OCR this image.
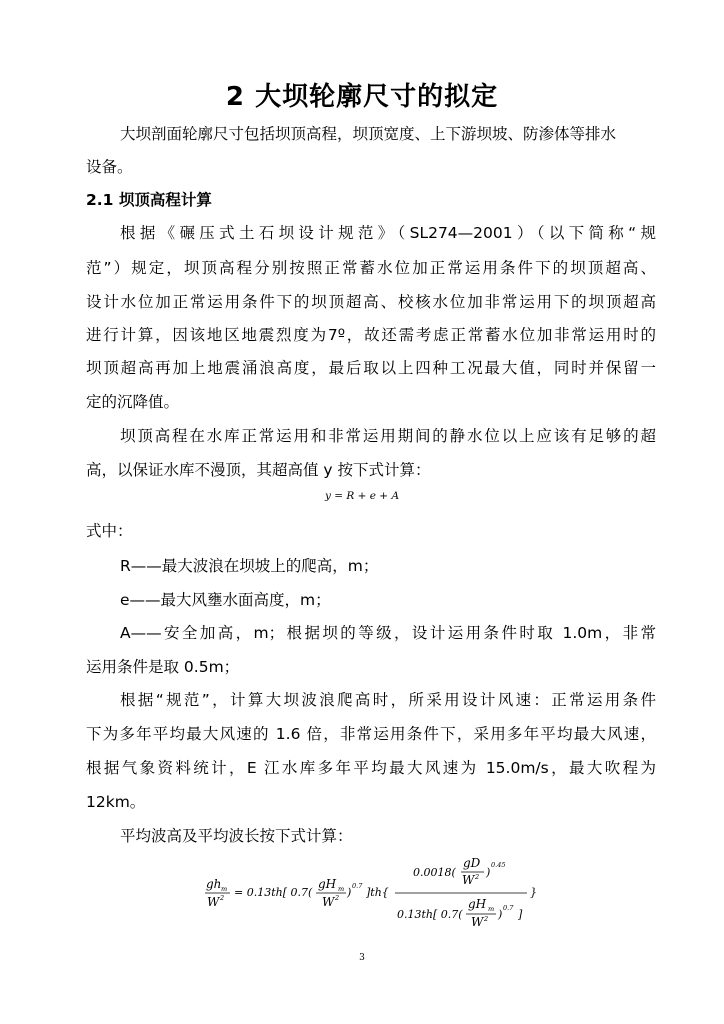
2 大坝轮廓尺寸的拟定
大坝剖面轮廓尺寸包括坝顶高程，坝顶宽度、上下游坝坡、防渗体等排水
设备。
2.1 坝顶高程计算
根据《碾压式土石坝设计规范》（SL274—2001）（以下简称“规
范”）规定，坝顶高程分别按照正常蓄水位加正常运用条件下的坝顶超高、
设计水位加正常运用条件下的坝顶超高、校核水位加非常运用下的坝顶超高
进行计算，因该地区地震烈度为7º，故还需考虑正常蓄水位加非常运用时的
坝顶超高再加上地震涌浪高度，最后取以上四种工况最大值，同时并保留一
定的沉降值。
坝顶高程在水库正常运用和非常运用期间的静水位以上应该有足够的超
高，以保证水库不漫顶，其超高值 y 按下式计算：
y = R + e + A
式中：
R——最大波浪在坝坡上的爬高，m；
e——最大风壅水面高度，m；
A——安全加高，m；根据坝的等级，设计运用条件时取 1.0m，非常
运用条件是取 0.5m；
根据“规范”，计算大坝波浪爬高时，所采用设计风速：正常运用条件
下为多年平均最大风速的 1.6 倍，非常运用条件下，采用多年平均最大风速，
根据气象资料统计，E 江水库多年平均最大风速为 15.0m/s，最大吹程为
12km。
平均波高及平均波长按下式计算：
gh m
W 2 = 0.13th[ 0.7(
gH m
W 2 ) 0.7 ]th{
0.0018(
gD
W 2 )
0.45
0.13th[ 0.7(
gH m
W 2 ) 0.7 ]
}
3
